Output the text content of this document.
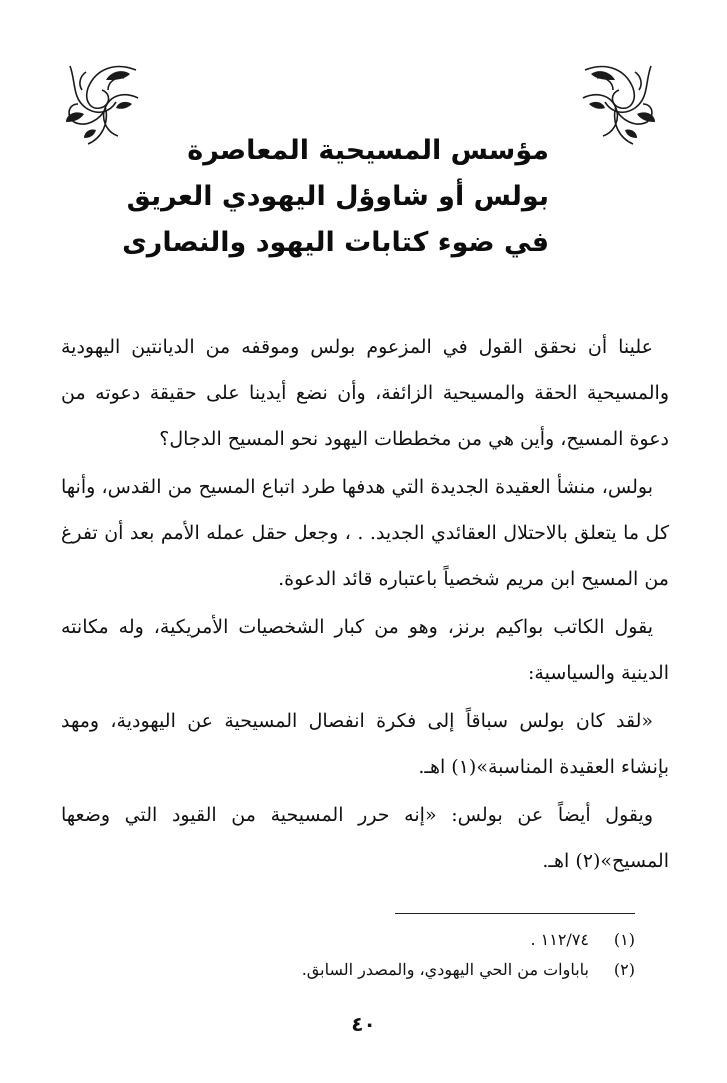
مؤسس المسيحية المعاصرة
بولس أو شاوؤل اليهودي العريق
في ضوء كتابات اليهود والنصارى

علينا أن نحقق القول في المزعوم بولس وموقفه من الديانتين اليهودية والمسيحية الحقة والمسيحية الزائفة، وأن نضع أيدينا على حقيقة دعوته من دعوة المسيح، وأين هي من مخططات اليهود نحو المسيح الدجال؟

بولس، منشأ العقيدة الجديدة التي هدفها طرد اتباع المسيح من القدس، وأنها كل ما يتعلق بالاحتلال العقائدي الجديد. . ، وجعل حقل عمله الأمم بعد أن تفرغ من المسيح ابن مريم شخصياً باعتباره قائد الدعوة.

يقول الكاتب بواكيم برنز، وهو من كبار الشخصيات الأمريكية، وله مكانته الدينية والسياسية:

«لقد كان بولس سباقاً إلى فكرة انفصال المسيحية عن اليهودية، ومهد بإنشاء العقيدة المناسبة»(١) اهـ.

ويقول أيضاً عن بولس: «إنه حرر المسيحية من القيود التي وضعها المسيح»(٢) اهـ.

(١)
١١٢/٧٤ .
(٢)
باباوات من الحي اليهودي، والمصدر السابق.
٤٠
